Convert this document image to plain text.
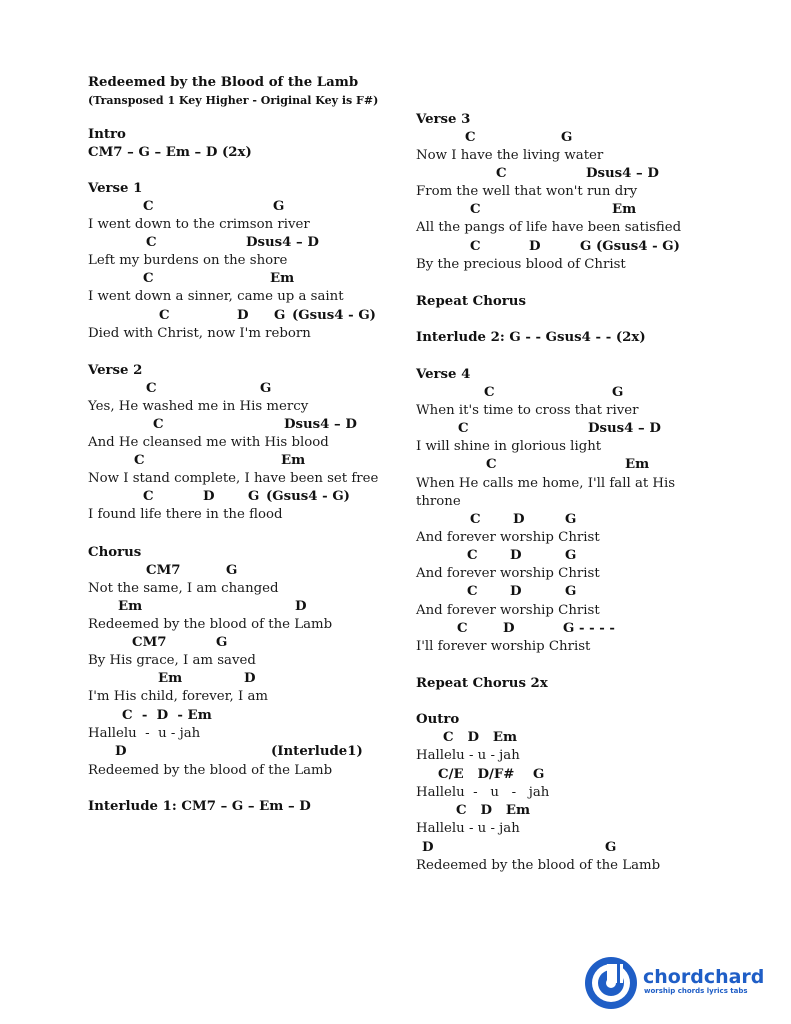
Redeemed by the Blood of the Lamb
(Transposed 1 Key Higher - Original Key is F#)
Intro
CM7 – G – Em – D (2x)
Verse 1
C	G
I went down to the crimson river
C	Dsus4 – D
Left my burdens on the shore
C	Em
I went down a sinner, came up a saint
C	D G (Gsus4 - G)
Died with Christ, now I'm reborn
Verse 2
C	G
Yes, He washed me in His mercy
C	Dsus4 – D
And He cleansed me with His blood
C	Em
Now I stand complete, I have been set free
C	D	G (Gsus4 - G)
I found life there in the flood
Chorus
CM7	G
Not the same, I am changed
Em	D
Redeemed by the blood of the Lamb
CM7	G
By His grace, I am saved
Em	D
I'm His child, forever, I am
C  -  D  - Em
Hallelu  -  u - jah
D	(Interlude1)
Redeemed by the blood of the Lamb
Interlude 1: CM7 – G – Em – D
Verse 3
C	G
Now I have the living water
C	Dsus4 – D
From the well that won't run dry
C	Em
All the pangs of life have been satisfied
C	D	G (Gsus4 - G)
By the precious blood of Christ
Repeat Chorus
Interlude 2: G - - Gsus4 - - (2x)
Verse 4
C	G
When it's time to cross that river
C	Dsus4 – D
I will shine in glorious light
C	Em
When He calls me home, I'll fall at His
throne
C D	G
And forever worship Christ
C D	G
And forever worship Christ
C D	G
And forever worship Christ
C	D	G - - - -
I'll forever worship Christ
Repeat Chorus 2x
Outro
C   D   Em
Hallelu - u - jah
C/E   D/F#    G
Hallelu  -   u   -   jah
C   D   Em
Hallelu - u - jah
D	G
Redeemed by the blood of the Lamb
chordchard
worship chords lyrics tabs
